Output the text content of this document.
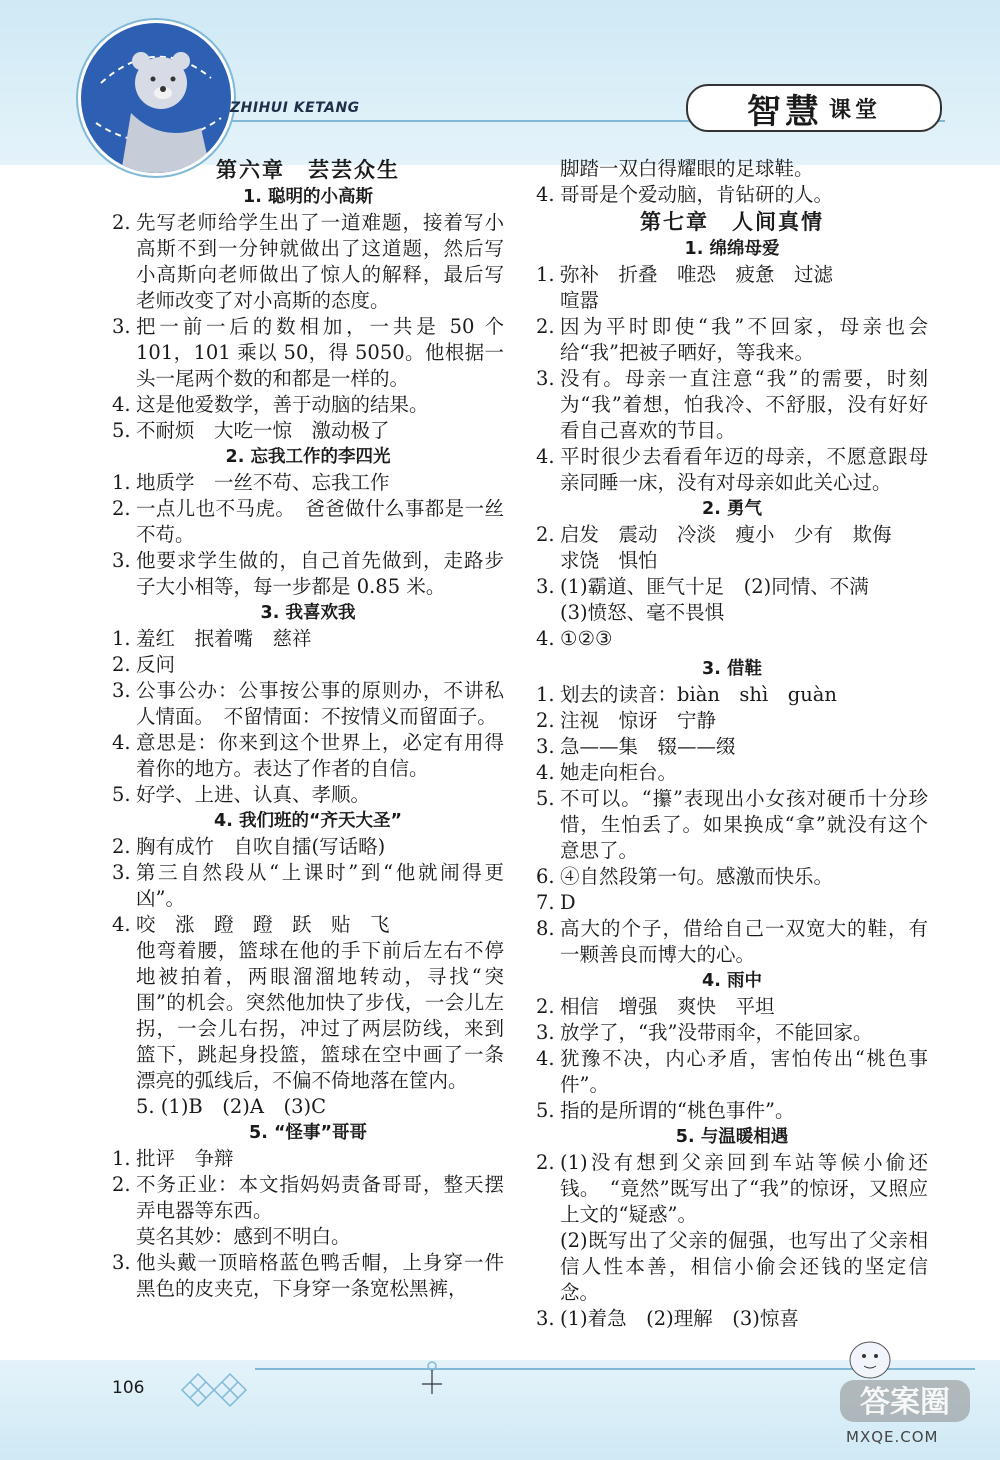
ZHIHUI KETANG	智慧 课堂
第六章　芸芸众生
1. 聪明的小高斯
2. 先写老师给学生出了一道难题，接着写小高斯不到一分钟就做出了这道题，然后写小高斯向老师做出了惊人的解释，最后写老师改变了对小高斯的态度。
3. 把一前一后的数相加，一共是 50 个 101，101 乘以 50，得 5050。他根据一头一尾两个数的和都是一样的。
4. 这是他爱数学，善于动脑的结果。
5. 不耐烦　大吃一惊　激动极了
2. 忘我工作的李四光
1. 地质学　一丝不苟、忘我工作
2. 一点儿也不马虎。　爸爸做什么事都是一丝不苟。
3. 他要求学生做的，自己首先做到，走路步子大小相等，每一步都是 0.85 米。
3. 我喜欢我
1. 羞红　抿着嘴　慈祥
2. 反问
3. 公事公办：公事按公事的原则办，不讲私人情面。　不留情面：不按情义而留面子。
4. 意思是：你来到这个世界上，必定有用得着你的地方。表达了作者的自信。
5. 好学、上进、认真、孝顺。
4. 我们班的“齐天大圣”
2. 胸有成竹　自吹自擂(写话略)
3. 第三自然段从“上课时”到“他就闹得更凶”。
4. 咬　涨　蹬　蹬　跃　贴　飞
他弯着腰，篮球在他的手下前后左右不停地被拍着，两眼溜溜地转动，寻找“突围”的机会。突然他加快了步伐，一会儿左拐，一会儿右拐，冲过了两层防线，来到篮下，跳起身投篮，篮球在空中画了一条漂亮的弧线后，不偏不倚地落在筐内。
5. (1)B　(2)A　(3)C
5. “怪事”哥哥
1. 批评　争辩
2. 不务正业：本文指妈妈责备哥哥，整天摆弄电器等东西。
莫名其妙：感到不明白。
3. 他头戴一顶暗格蓝色鸭舌帽，上身穿一件黑色的皮夹克，下身穿一条宽松黑裤，
脚踏一双白得耀眼的足球鞋。
4. 哥哥是个爱动脑，肯钻研的人。
第七章　人间真情
1. 绵绵母爱
1. 弥补　折叠　唯恐　疲惫　过滤
喧嚣
2. 因为平时即使“我”不回家，母亲也会给“我”把被子晒好，等我来。
3. 没有。母亲一直注意“我”的需要，时刻为“我”着想，怕我冷、不舒服，没有好好看自己喜欢的节目。
4. 平时很少去看看年迈的母亲，不愿意跟母亲同睡一床，没有对母亲如此关心过。
2. 勇气
2. 启发　震动　冷淡　瘦小　少有　欺侮
求饶　惧怕
3. (1)霸道、匪气十足　(2)同情、不满
(3)愤怒、毫不畏惧
4. ①②③
3. 借鞋
1. 划去的读音：biàn　shì　guàn
2. 注视　惊讶　宁静
3. 急——集　辍——缀
4. 她走向柜台。
5. 不可以。“攥”表现出小女孩对硬币十分珍惜，生怕丢了。如果换成“拿”就没有这个意思了。
6. ④自然段第一句。感激而快乐。
7. D
8. 高大的个子，借给自己一双宽大的鞋，有一颗善良而博大的心。
4. 雨中
2. 相信　增强　爽快　平坦
3. 放学了，“我”没带雨伞，不能回家。
4. 犹豫不决，内心矛盾，害怕传出“桃色事件”。
5. 指的是所谓的“桃色事件”。
5. 与温暖相遇
2. (1)没有想到父亲回到车站等候小偷还钱。　“竟然”既写出了“我”的惊讶，又照应上文的“疑惑”。
(2)既写出了父亲的倔强，也写出了父亲相信人性本善，相信小偷会还钱的坚定信念。
3. (1)着急　(2)理解　(3)惊喜
106	答案圈
MXQE.COM
